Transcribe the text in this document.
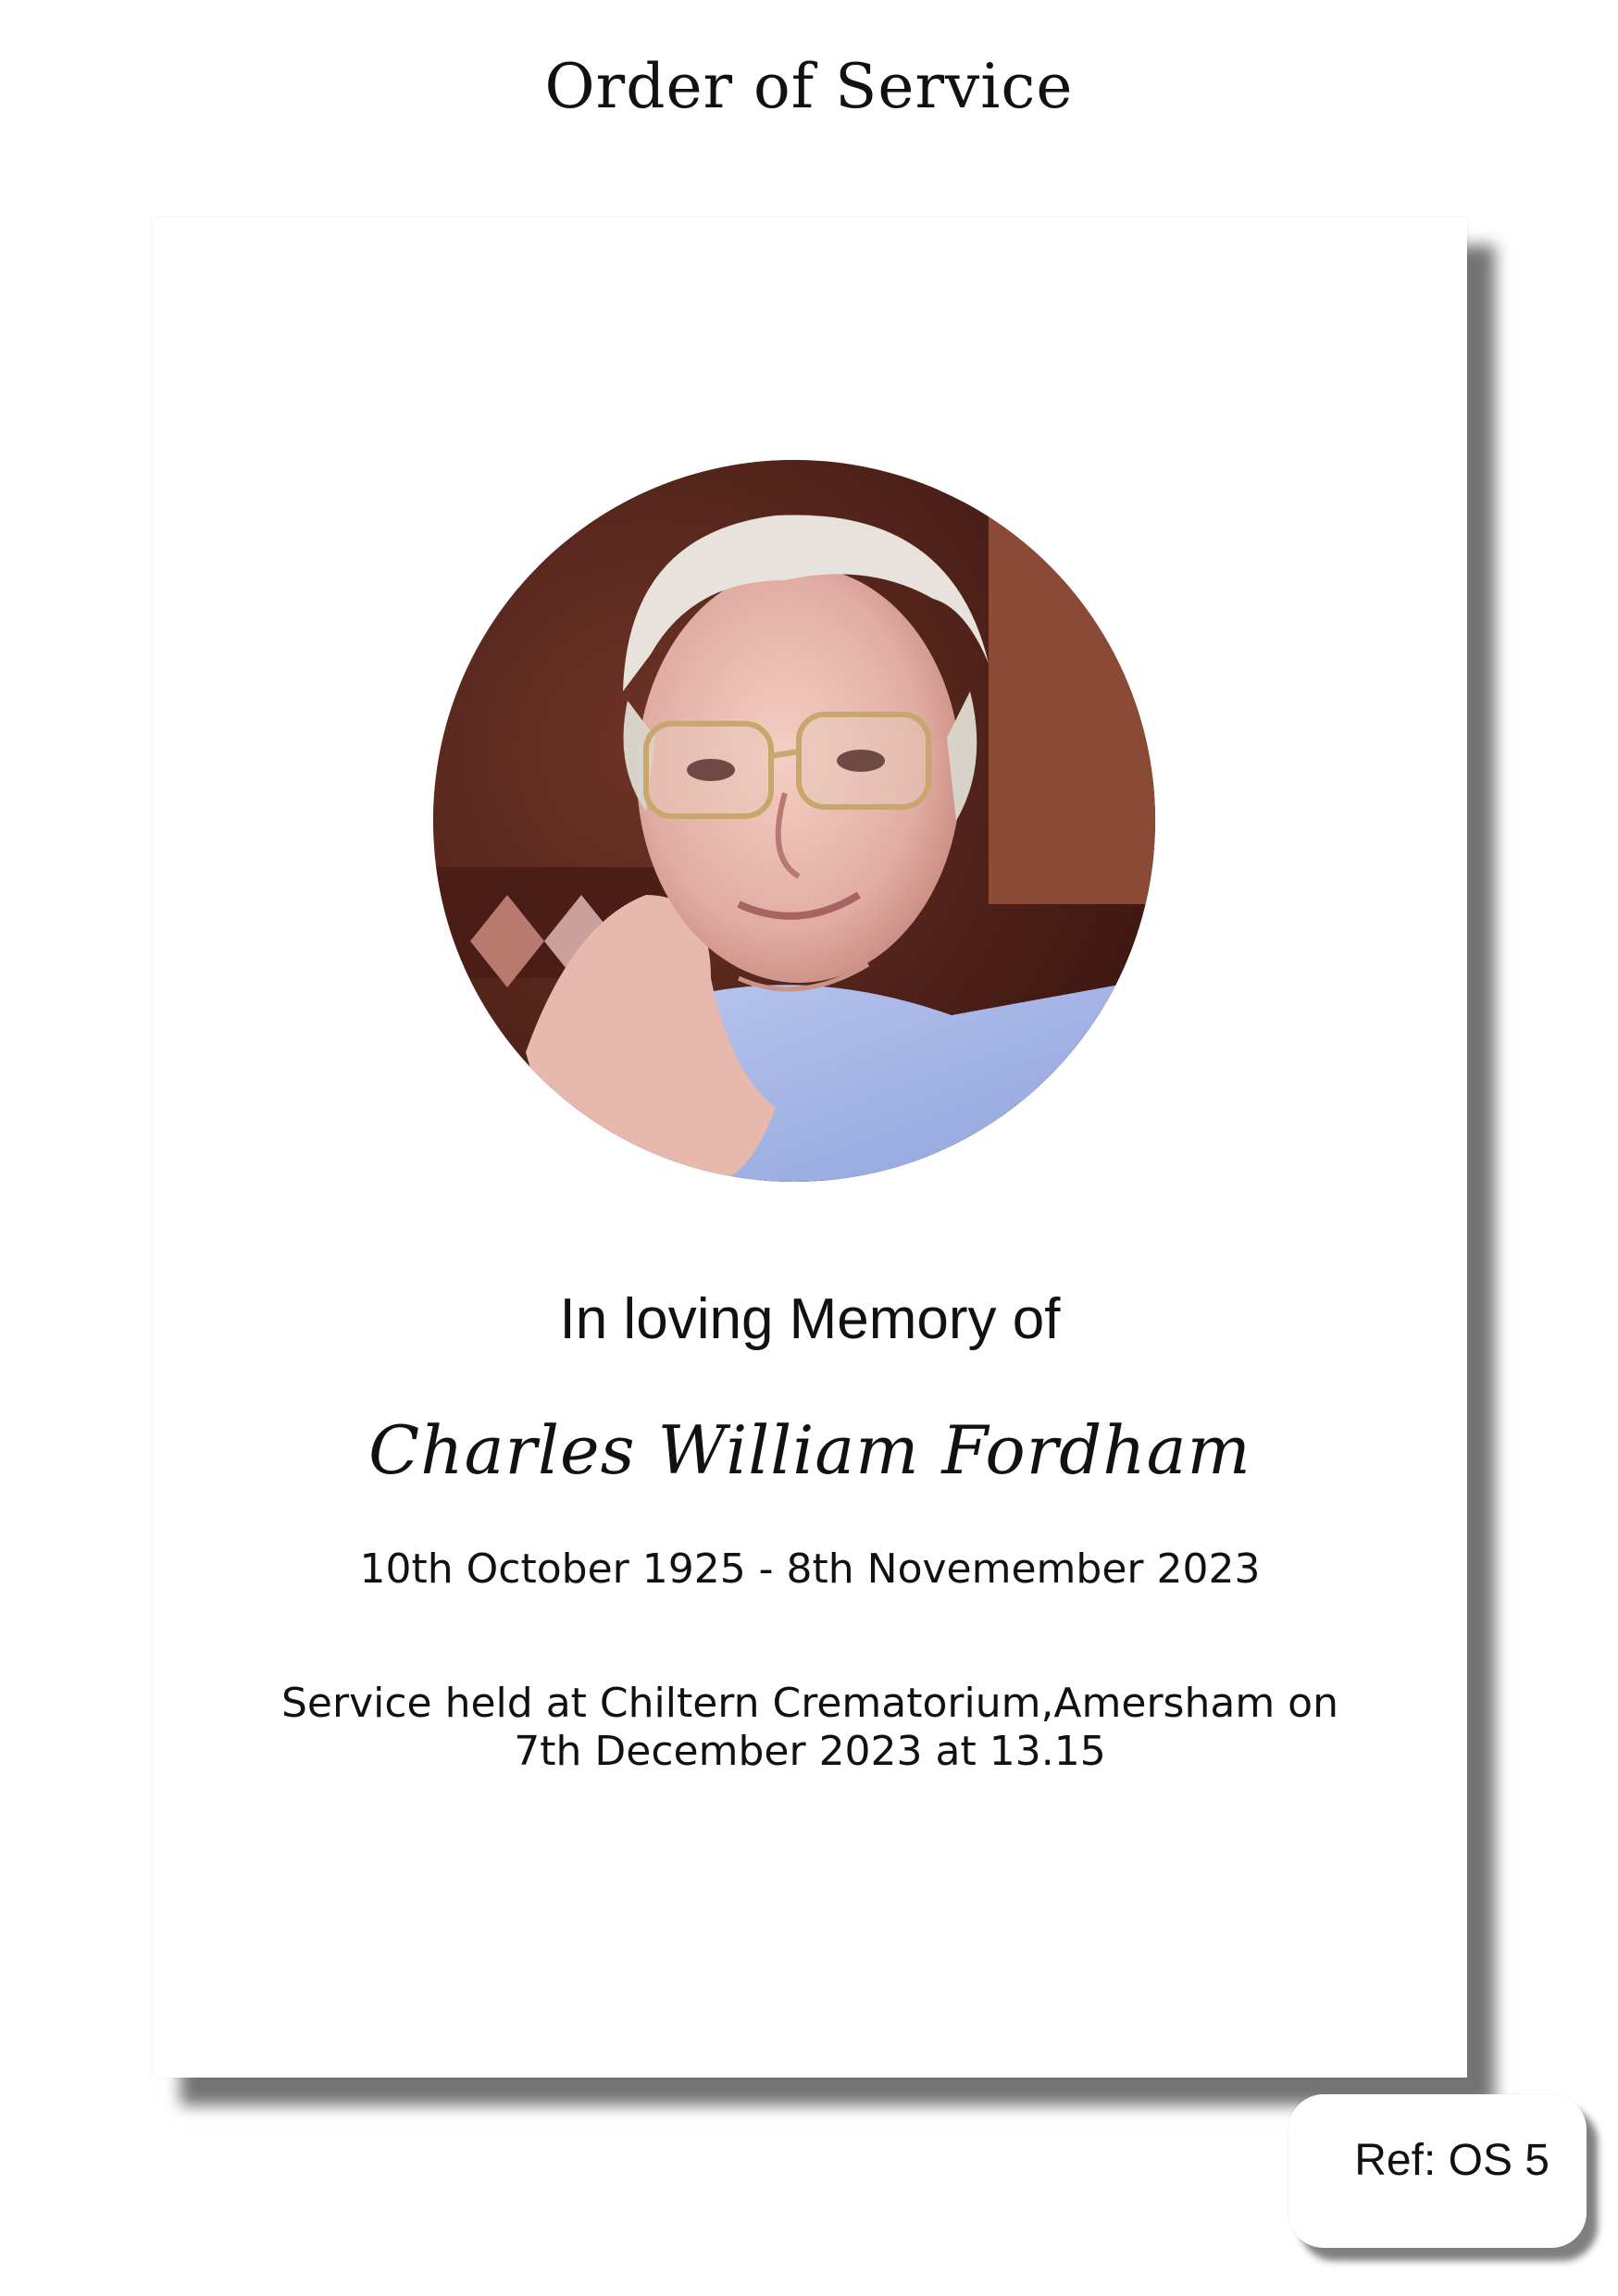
Order of Service
In loving Memory of
Charles William Fordham
10th October 1925 - 8th Novemember 2023
Service held at Chiltern Crematorium,Amersham on
7th December 2023 at 13.15
Ref: OS 5
